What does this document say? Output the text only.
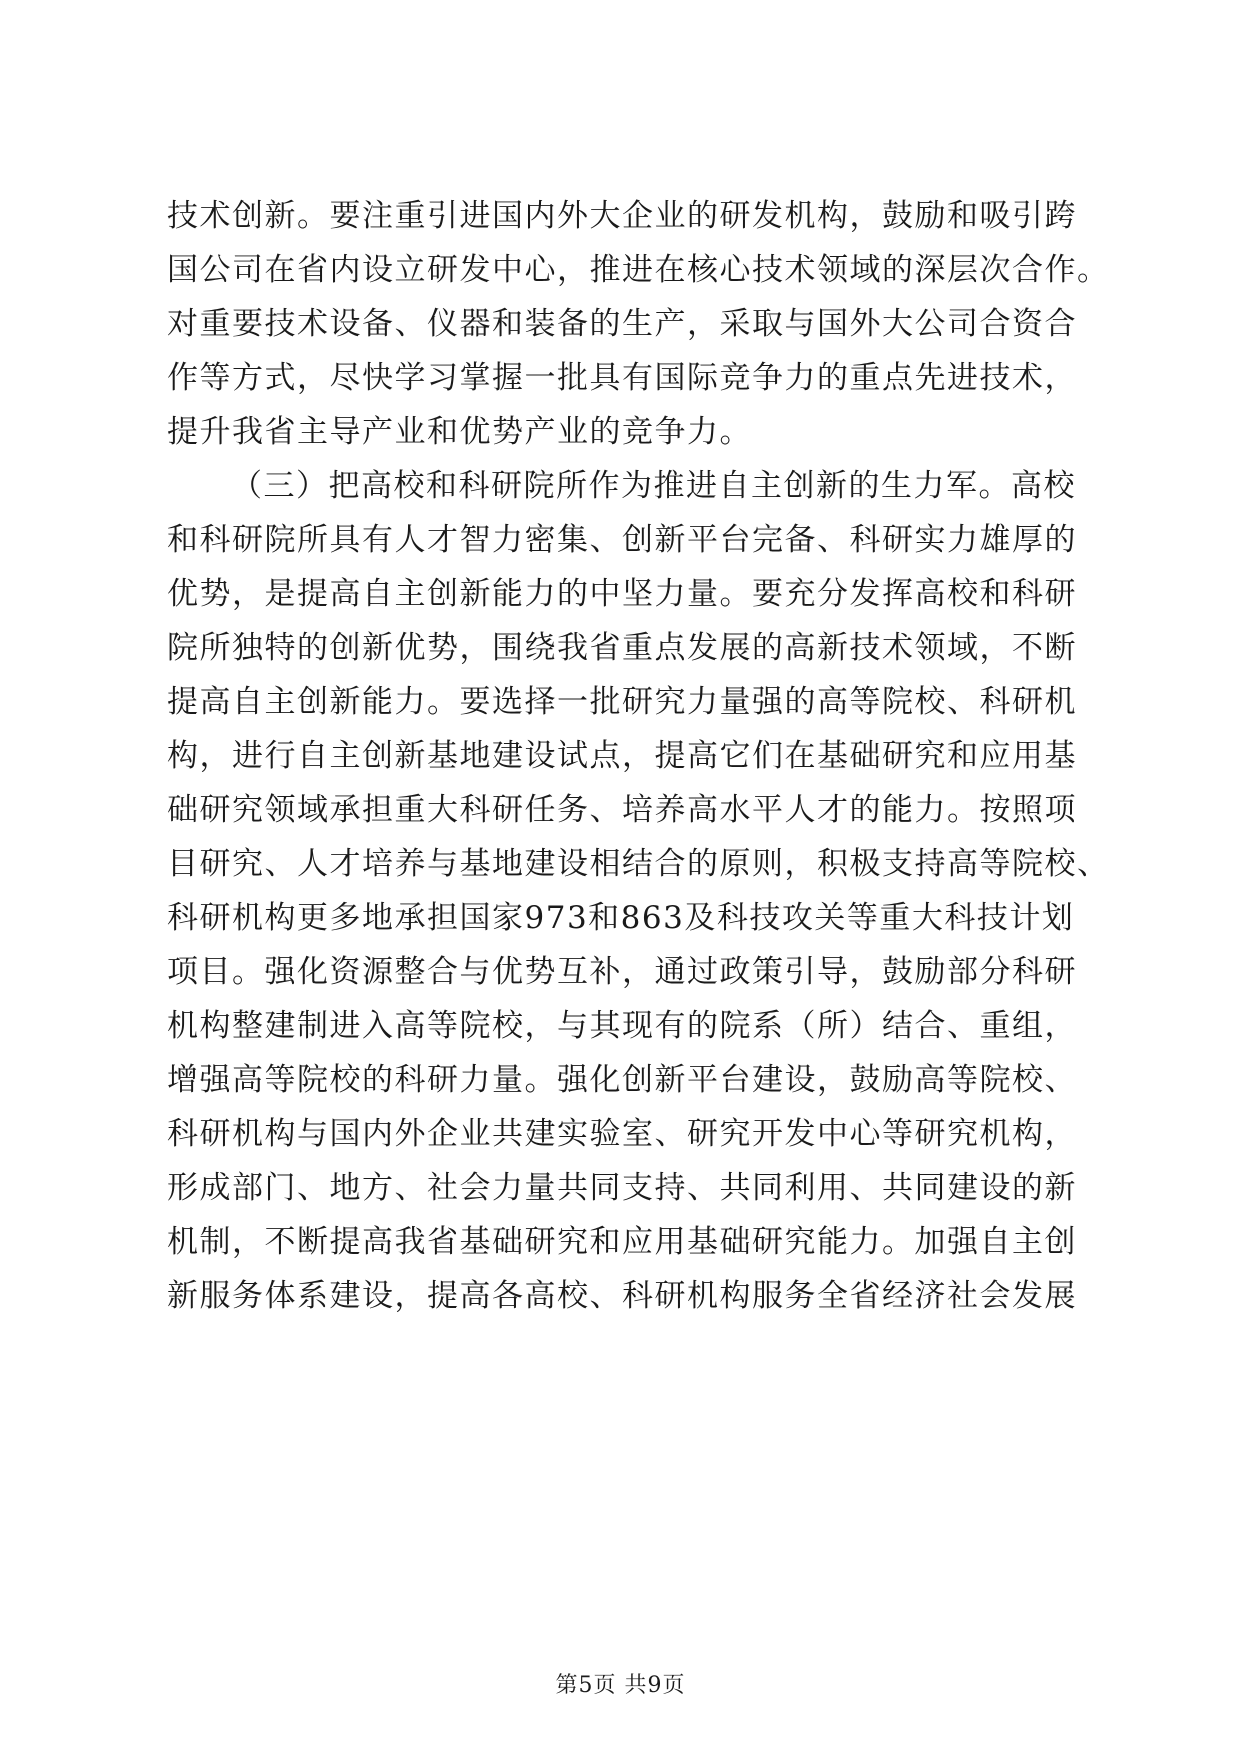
技术创新。要注重引进国内外大企业的研发机构，鼓励和吸引跨
国公司在省内设立研发中心，推进在核心技术领域的深层次合作。
对重要技术设备、仪器和装备的生产，采取与国外大公司合资合
作等方式，尽快学习掌握一批具有国际竞争力的重点先进技术，
提升我省主导产业和优势产业的竞争力。
（三）把高校和科研院所作为推进自主创新的生力军。高校
和科研院所具有人才智力密集、创新平台完备、科研实力雄厚的
优势，是提高自主创新能力的中坚力量。要充分发挥高校和科研
院所独特的创新优势，围绕我省重点发展的高新技术领域，不断
提高自主创新能力。要选择一批研究力量强的高等院校、科研机
构，进行自主创新基地建设试点，提高它们在基础研究和应用基
础研究领域承担重大科研任务、培养高水平人才的能力。按照项
目研究、人才培养与基地建设相结合的原则，积极支持高等院校、
科研机构更多地承担国家973和863及科技攻关等重大科技计划
项目。强化资源整合与优势互补，通过政策引导，鼓励部分科研
机构整建制进入高等院校，与其现有的院系（所）结合、重组，
增强高等院校的科研力量。强化创新平台建设，鼓励高等院校、
科研机构与国内外企业共建实验室、研究开发中心等研究机构，
形成部门、地方、社会力量共同支持、共同利用、共同建设的新
机制，不断提高我省基础研究和应用基础研究能力。加强自主创
新服务体系建设，提高各高校、科研机构服务全省经济社会发展
第5页 共9页
